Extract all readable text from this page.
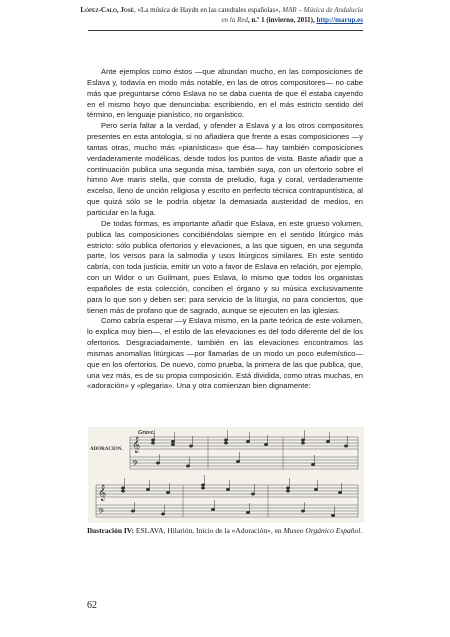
López-Calo, José, «La música de Haydn en las catedrales españolas», MAR – Música de Andalucía
en la Red, n.º 1 (invierno, 2011), http://marup.es

Ante ejemplos como éstos —que abundan mucho, en las composiciones de Eslava y, todavía en modo más notable, en las de otros compositores— no cabe más que preguntarse cómo Eslava no se daba cuenta de que él estaba cayendo en el mismo hoyo que denunciaba: escribiendo, en el más estricto sentido del término, en lenguaje pianístico, no organístico.

Pero sería faltar a la verdad, y ofender a Eslava y a los otros compositores presentes en esta antología, si no añadiera que frente a esas composiciones —y tantas otras, mucho más «pianísticas» que ésa— hay también composiciones verdaderamente modélicas, desde todos los puntos de vista. Baste añadir que a continuación publica una segunda misa, también suya, con un ofertorio sobre el himno Ave maris stella, que consta de preludio, fuga y coral, verdaderamente excelso, lleno de unción religiosa y escrito en perfecto técnica contrapuntística, al que quizá sólo se le podría objetar la demasiada austeridad de medios, en particular en la fuga.

De todas formas, es importante añadir que Eslava, en este grueso volumen, publica las composiciones concibiéndolas siempre en el sentido litúrgico más estricto: sólo publica ofertorios y elevaciones, a las que siguen, en una segunda parte, los versos para la salmodia y usos litúrgicos similares. En este sentido cabría, con toda justicia, emitir un voto a favor de Eslava en relación, por ejemplo, con un Widor o un Guilmant, pues Eslava, lo mismo que todos los organistas españoles de esta colección, conciben el órgano y su música exclusivamente para lo que son y deben ser: para servicio de la liturgia, no para conciertos, que tienen más de profano que de sagrado, aunque se ejecuten en las iglesias.

Como cabría esperar —y Eslava mismo, en la parte teórica de este volumen, lo explica muy bien—, el estilo de las elevaciones es del todo diferente del de los ofertorios. Desgraciadamente, también en las elevaciones encontramos las mismas anomalías litúrgicas —por llamarlas de un modo un poco eufemístico— que en los ofertorios. De nuevo, como prueba, la primera de las que publica, que, una vez más, es de su propia composición. Está dividida, como otras muchas, en «adoración» y «plegaria». Una y otra comienzan bien dignamente:

Grave.
ADORACION. 𝄞
𝄢
𝄞
𝄢
Ilustración IV: ESLAVA, Hilarión, Inicio de la «Adoración», en Museo Orgánico Español.
62
